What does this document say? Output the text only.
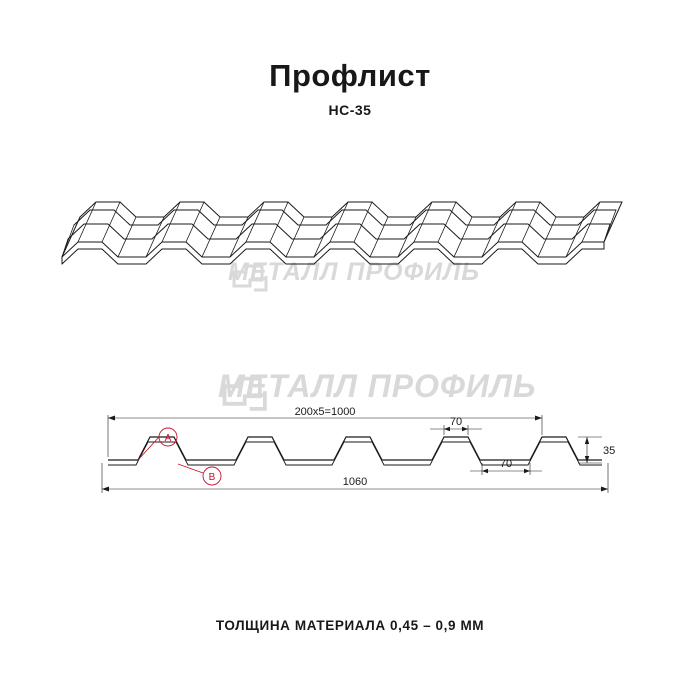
Профлист
НС-35
МЕТАЛЛ ПРОФИЛЬ
МЕТАЛЛ ПРОФИЛЬ
200x5=1000
1060
70
70
35
A
B
ТОЛЩИНА МАТЕРИАЛА 0,45 – 0,9 ММ
